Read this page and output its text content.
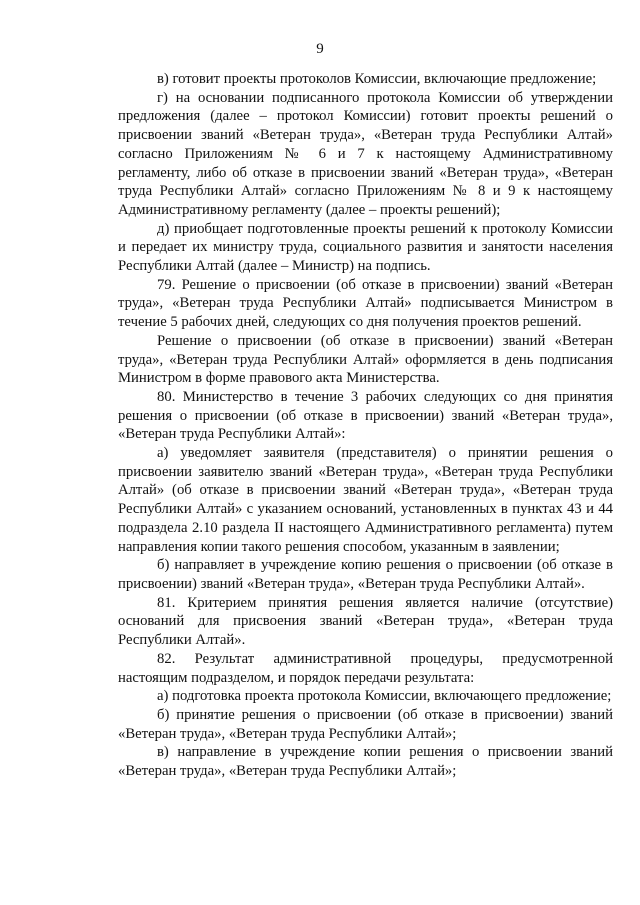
9

в) готовит проекты протоколов Комиссии, включающие предложение;

г) на основании подписанного протокола Комиссии об утверждении предложения (далее – протокол Комиссии) готовит проекты решений о присвоении званий «Ветеран труда», «Ветеран труда Республики Алтай» согласно Приложениям № 6 и 7 к настоящему Административному регламенту, либо об отказе в присвоении званий «Ветеран труда», «Ветеран труда Республики Алтай» согласно Приложениям № 8 и 9 к настоящему Административному регламенту (далее – проекты решений);

д) приобщает подготовленные проекты решений к протоколу Комиссии и передает их министру труда, социального развития и занятости населения Республики Алтай (далее – Министр) на подпись.

79. Решение о присвоении (об отказе в присвоении) званий «Ветеран труда», «Ветеран труда Республики Алтай» подписывается Министром в течение 5 рабочих дней, следующих со дня получения проектов решений.

Решение о присвоении (об отказе в присвоении) званий «Ветеран труда», «Ветеран труда Республики Алтай» оформляется в день подписания Министром в форме правового акта Министерства.

80. Министерство в течение 3 рабочих следующих со дня принятия решения о присвоении (об отказе в присвоении) званий «Ветеран труда», «Ветеран труда Республики Алтай»:

а) уведомляет заявителя (представителя) о принятии решения о присвоении заявителю званий «Ветеран труда», «Ветеран труда Республики Алтай» (об отказе в присвоении званий «Ветеран труда», «Ветеран труда Республики Алтай» с указанием оснований, установленных в пунктах 43 и 44 подраздела 2.10 раздела II настоящего Административного регламента) путем направления копии такого решения способом, указанным в заявлении;

б) направляет в учреждение копию решения о присвоении (об отказе в присвоении) званий «Ветеран труда», «Ветеран труда Республики Алтай».

81. Критерием принятия решения является наличие (отсутствие) оснований для присвоения званий «Ветеран труда», «Ветеран труда Республики Алтай».

82. Результат административной процедуры, предусмотренной настоящим подразделом, и порядок передачи результата:

а) подготовка проекта протокола Комиссии, включающего предложение;

б) принятие решения о присвоении (об отказе в присвоении) званий «Ветеран труда», «Ветеран труда Республики Алтай»;

в) направление в учреждение копии решения о присвоении званий «Ветеран труда», «Ветеран труда Республики Алтай»;
